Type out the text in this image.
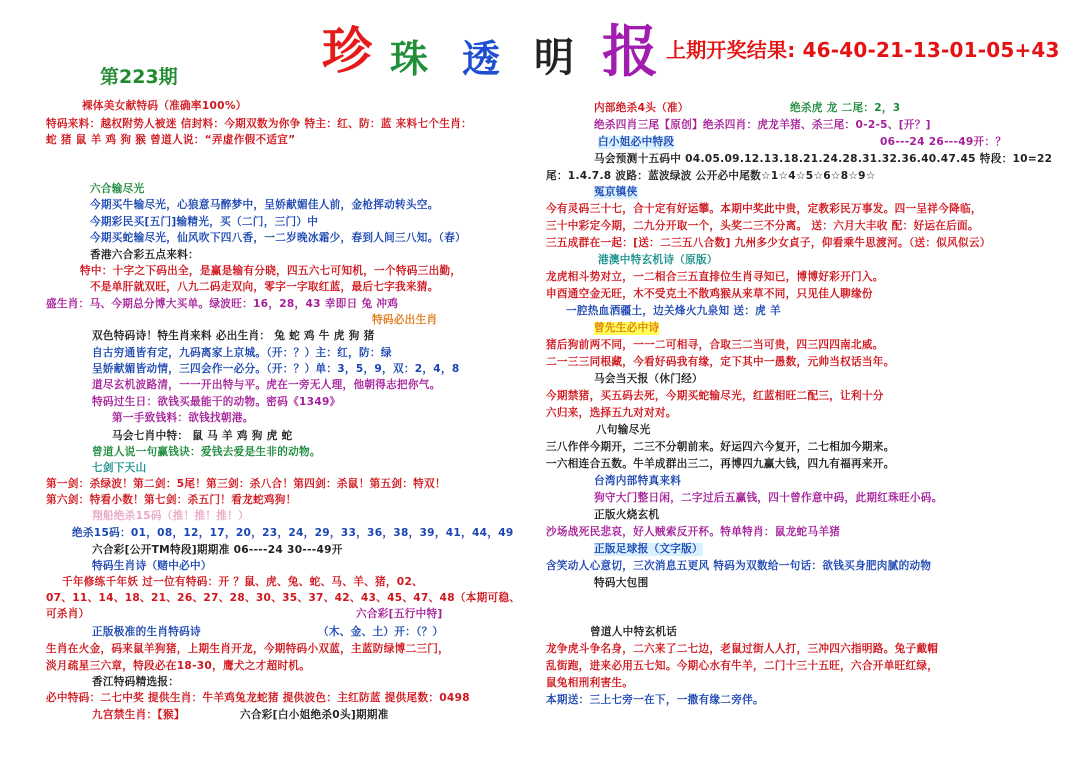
珍 珠 透 明 报
第223期
上期开奖结果: 46-40-21-13-01-05+43
裸体美女献特码（准确率100%）
特码来料：越权附势人被迷 信封料：今期双数为你争 特主：红、防：蓝 来料七个生肖：
蛇 猪 鼠 羊 鸡 狗 猴 曾道人说：“弄虚作假不适宜”
六合输尽光
今期买牛输尽光，心狼意马醉梦中，呈娇献媚佳人前，金枪挥动转头空。
今期彩民买[五门]输精光，买（二门，三门）中
今期买蛇输尽光，仙风吹下四八香，一二岁晚冰霜少，春到人间三八知。（春）
香港六合彩五点来料：
特中：十字之下码出全，是赢是输有分晓，四五六七可知机，一个特码三出勤，
不是单肝就双旺，八九二码走双向，零字一字取红蓝，最后七字我来猜。
盛生肖：马、今期总分博大买单。绿波旺：16，28，43 幸即日 兔 冲鸡
特码必出生肖
双色特码诗！特生肖来料 必出生肖： 兔 蛇 鸡 牛 虎 狗 猪
自古穷通皆有定，九码离家上京城。（开：？）主：红，防：绿
呈娇献媚皆动情，三四会作一必分。（开：？）单：3，5，9，双：2，4，8
道尽玄机波路清，一一开出特与平。虎在一旁无人理，他朝得志把你气。
特码过生日：欲钱买最能干的动物。密码《1349》
第一手致钱料：欲钱找朝港。
马会七肖中特： 鼠 马 羊 鸡 狗 虎 蛇
曾道人说一句赢钱诀：爱钱去爱是生非的动物。
七剑下天山
第一剑：杀绿波！第二剑：5尾！第三剑：杀八合！第四剑：杀鼠！第五剑：特双！
第六剑：特看小数！第七剑：杀五门！看龙蛇鸡狗！
翔船绝杀15码（推！推！推！）
绝杀15码：01，08，12，17，20，23，24，29，33，36，38，39，41，44，49
六合彩[公开TM特段]期期准 06----24 30---49开
特码生肖诗（赌中必中）
千年修练千年妖 过一位有特码：开 ？鼠、虎、兔、蛇、马、羊、猪，02、
07、11、14、18、21、26、27、28、30、35、37、42、43、45、47、48（本期可稳、
可杀肖）	六合彩[五行中特]
正版极准的生肖特码诗	（木、金、土）开：（？）
生肖在火金，码来鼠羊狗猪，上期生肖开龙，今期特码小双蓝，主蓝防绿博二三门，
淡月疏星三六章，特段必在18-30，鹰犬之才超时机。
香江特码精选报：
必中特码：二七中奖 提供生肖：牛羊鸡兔龙蛇猪 提供波色：主红防蓝 提供尾数：0498
九宫禁生肖：【猴】	六合彩[白小姐绝杀0头]期期准
内部绝杀4头（准）	绝杀虎 龙 二尾：2，3
绝杀四肖三尾【原创】绝杀四肖：虎龙羊猪、杀三尾：0-2-5、[开？]
白小姐必中特段	06---24 26---49开：？
马会预测十五码中 04.05.09.12.13.18.21.24.28.31.32.36.40.47.45 特段：10=22
尾：1.4.7.8 波路：蓝波绿波 公开必中尾数☆1☆4☆5☆6☆8☆9☆
冤京镇侠
今有灵码三十七，合十定有好运攀。本期中奖此中贵，定教彩民万事发。四一呈祥今降临，
三十中彩定今期，二九分开取一个，头奖二三不分离。 送：六月大丰收 配：好运在后面。
三五成群在一起：[送：二三五八合数] 九州多少女貞子，仰看乘牛思渡河。（送：似风似云）
港澳中特玄机诗（原版）
龙虎相斗势对立，一二相合三五直排位生肖寻知已，博博好彩开门入。
申酉通空金无旺，木不受克土不散鸡猴从来草不同，只见佳人聊缘份
一腔热血洒疆土，边关烽火九泉知 送：虎 羊
曾先生必中诗
猪后狗前两不同，一一二可相寻，合取三二当可贵，四三四四南北威。
二一三三同根藏，今看好码我有缘，定下其中一愚数，元帅当权话当年。
马会当天报（休门经）
今期禁猪，买五码去死，今期买蛇输尽光，红蓝相旺二配三，让利十分
六归来，选择五九对对对。
八句输尽光
三八作伴今期开，二三不分朝前来。好运四六今复开，二七相加今期来。
一六相连合五数。牛羊成群出三二，再博四九赢大钱，四九有福再来开。
台湾内部特真来料
狗守大门整日闲，二字过后五赢钱，四十曾作意中码，此期红珠旺小码。
正版火烧玄机
沙场战死民悲哀，好人贼索反开杯。特单特肖：鼠龙蛇马羊猪
正版足球报（文字版）
含笑动人心意切，三次消息五更风 特码为双数给一句话：欲钱买身肥肉腻的动物
特码大包围
曾道人中特玄机话
龙争虎斗争名身，二六来了二七边，老鼠过街人人打，三冲四六指明路。兔子戴帽
乱街跑，进来必用五七知。今期心水有牛羊，二门十三十五旺，六合开单旺红绿，
鼠兔相刑利害生。
本期送：三上七旁一在下，一撒有缘二旁伴。
